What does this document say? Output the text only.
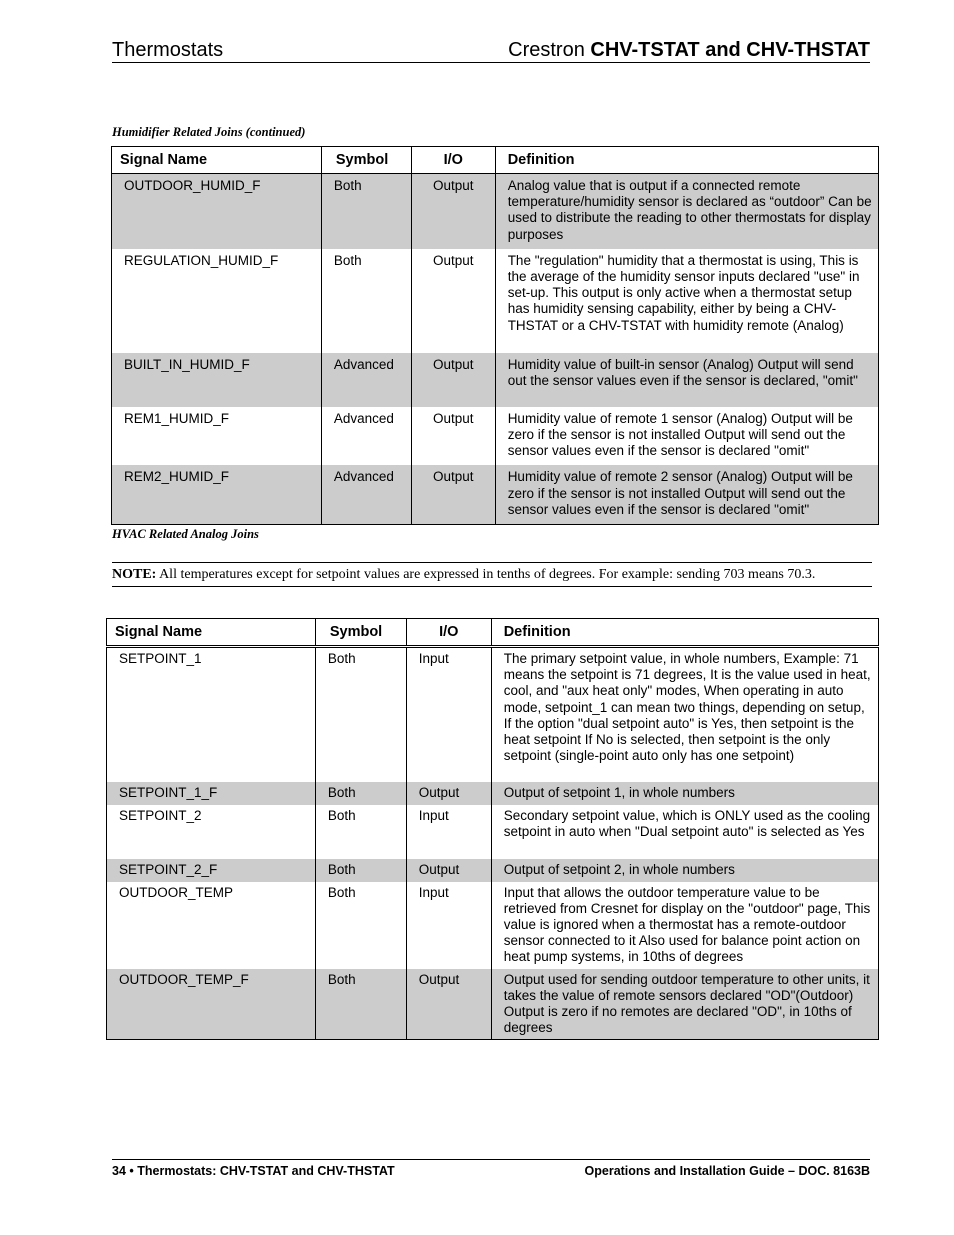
Thermostats	Crestron CHV-TSTAT and CHV-THSTAT
Humidifier Related Joins (continued)
Signal Name	Symbol	I/O	Definition
OUTDOOR_HUMID_F	Both	Output	Analog value that is output if a connected remote temperature/humidity sensor is declared as “outdoor” Can be used to distribute the reading to other thermostats for display purposes
REGULATION_HUMID_F	Both	Output	The "regulation" humidity that a thermostat is using, This is the average of the humidity sensor inputs declared "use" in set-up. This output is only active when a thermostat setup has humidity sensing capability, either by being a CHV-THSTAT or a CHV-TSTAT with humidity remote (Analog)
BUILT_IN_HUMID_F	Advanced	Output	Humidity value of built-in sensor (Analog) Output will send out the sensor values even if the sensor is declared, "omit"
REM1_HUMID_F	Advanced	Output	Humidity value of remote 1 sensor (Analog) Output will be zero if the sensor is not installed Output will send out the sensor values even if the sensor is declared "omit"
REM2_HUMID_F	Advanced	Output	Humidity value of remote 2 sensor (Analog) Output will be zero if the sensor is not installed Output will send out the sensor values even if the sensor is declared "omit"
HVAC Related Analog Joins
NOTE: All temperatures except for setpoint values are expressed in tenths of degrees. For example: sending 703 means 70.3.
Signal Name	Symbol	I/O	Definition
SETPOINT_1	Both	Input	The primary setpoint value, in whole numbers, Example: 71 means the setpoint is 71 degrees, It is the value used in heat, cool, and "aux heat only" modes, When operating in auto mode, setpoint_1 can mean two things, depending on setup, If the option "dual setpoint auto" is Yes, then setpoint is the heat setpoint If No is selected, then setpoint is the only setpoint (single-point auto only has one setpoint)
SETPOINT_1_F	Both	Output	Output of setpoint 1, in whole numbers
SETPOINT_2	Both	Input	Secondary setpoint value, which is ONLY used as the cooling setpoint in auto when "Dual setpoint auto" is selected as Yes
SETPOINT_2_F	Both	Output	Output of setpoint 2, in whole numbers
OUTDOOR_TEMP	Both	Input	Input that allows the outdoor temperature value to be retrieved from Cresnet for display on the "outdoor" page, This value is ignored when a thermostat has a remote-outdoor sensor connected to it Also used for balance point action on heat pump systems, in 10ths of degrees
OUTDOOR_TEMP_F	Both	Output	Output used for sending outdoor temperature to other units, it takes the value of remote sensors declared "OD"(Outdoor) Output is zero if no remotes are declared "OD", in 10ths of degrees
34 • Thermostats: CHV-TSTAT and CHV-THSTAT	Operations and Installation Guide – DOC. 8163B
